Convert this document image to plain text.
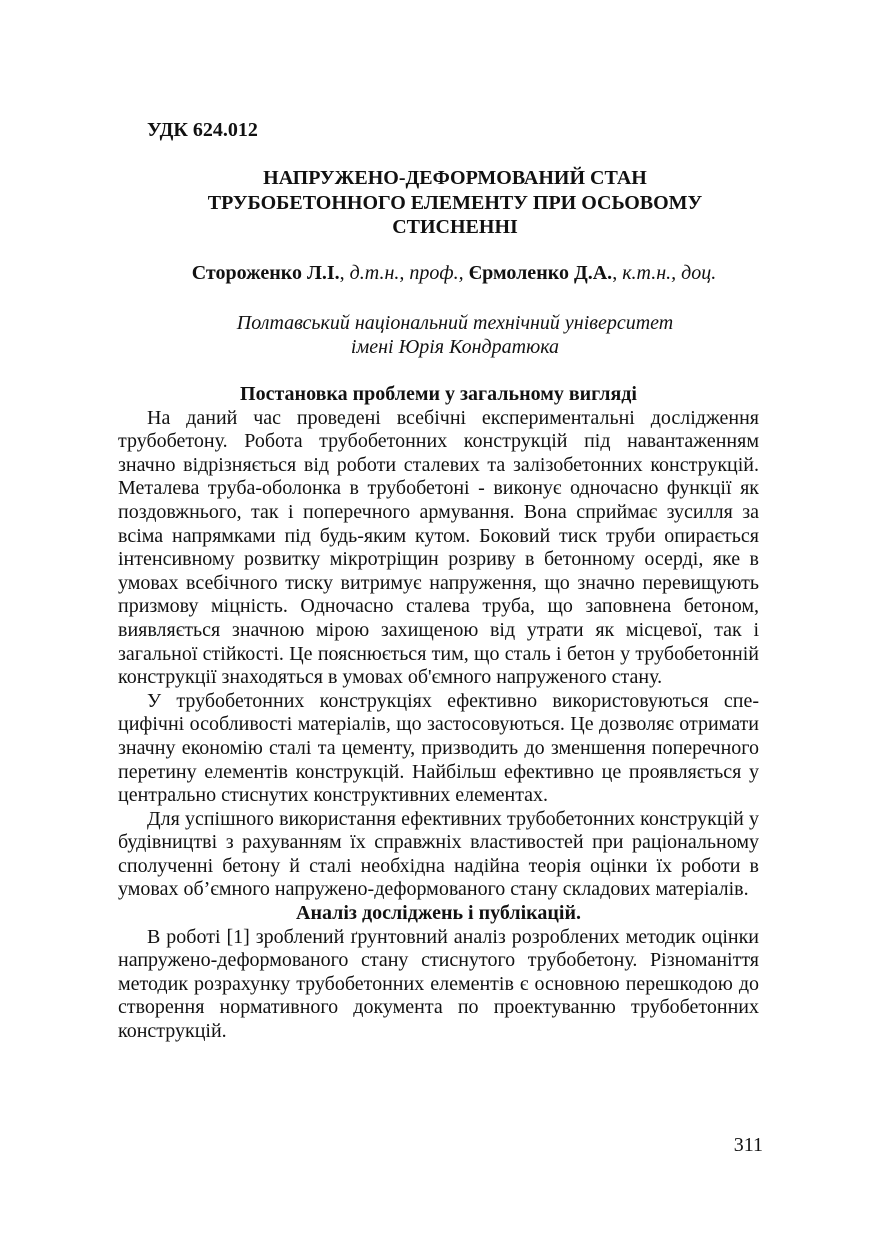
УДК 624.012

НАПРУЖЕНО-ДЕФОРМОВАНИЙ СТАН
ТРУБОБЕТОННОГО ЕЛЕМЕНТУ ПРИ ОСЬОВОМУ
СТИСНЕННІ

Стороженко Л.І., д.т.н., проф., Єрмоленко Д.А., к.т.н., доц.

Полтавський національний технічний університет
імені Юрія Кондратюка

Постановка проблеми у загальному вигляді

На даний час проведені всебічні експериментальні дослідження трубобетону. Робота трубобетонних конструкцій під навантаженням значно відрізняється від роботи сталевих та залізобетонних конструкцій. Металева труба-оболонка в трубобетоні - виконує одночасно функції як поздовжнього, так і поперечного армування. Вона сприймає зусилля за всіма напрямками під будь-яким кутом. Боковий тиск труби опирається інтенсивному розвитку мікротріщин розриву в бетонному осерді, яке в умовах всебічного тиску витримує напруження, що значно перевищують призмову міцність. Одночасно сталева труба, що заповнена бетоном, виявляється значною мірою захищеною від утрати як місцевої, так і загальної стійкості. Це пояснюється тим, що сталь і бетон у трубобетонній конструкції знаходяться в умовах об'ємного напруженого стану.

У трубобетонних конструкціях ефективно використовуються специфічні особливості матеріалів, що застосовуються. Це дозволяє отримати значну економію сталі та цементу, призводить до зменшення поперечного перетину елементів конструкцій. Найбільш ефективно це проявляється у центрально стиснутих конструктивних елементах.

Для успішного використання ефективних трубобетонних конструкцій у будівництві з рахуванням їх справжніх властивостей при раціональному сполученні бетону й сталі необхідна надійна теорія оцінки їх роботи в умовах об’ємного напружено-деформованого стану складових матеріалів.

Аналіз досліджень і публікацій.

В роботі [1] зроблений ґрунтовний аналіз розроблених методик оцінки напружено-деформованого стану стиснутого трубобетону. Різноманіття методик розрахунку трубобетонних елементів є основною перешкодою до створення нормативного документа по проектуванню трубобетонних конструкцій.

311
